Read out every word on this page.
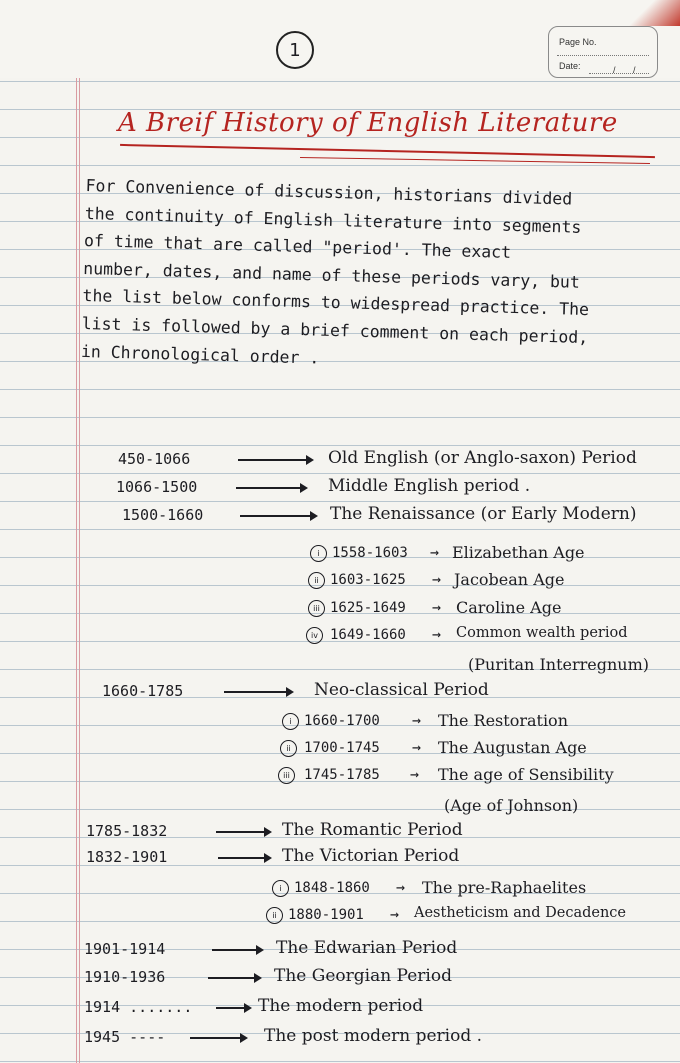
1	Page No.
Date:	/ /
A Breif History of English Literature
For Convenience of discussion, historians divided
the continuity of English literature into segments
of time that are called "period'. The exact
number, dates, and name of these periods vary, but
the list below conforms to widespread practice. The
list is followed by a brief comment on each period,
in Chronological order .
450-1066	Old English (or Anglo-saxon) Period
1066-1500	Middle English period .
1500-1660	The Renaissance (or Early Modern)
i 1558-1603 → Elizabethan Age
ii 1603-1625 → Jacobean Age
iii 1625-1649 → Caroline Age
iv 1649-1660 → Common wealth period
(Puritan Interregnum)
1660-1785	Neo-classical Period
i 1660-1700 → The Restoration
ii 1700-1745 → The Augustan Age
iii	1745-1785 → The age of Sensibility
(Age of Johnson)
1785-1832	The Romantic Period
1832-1901	The Victorian Period
i 1848-1860 → The pre-Raphaelites
ii 1880-1901 → Aestheticism and Decadence
1901-1914	The Edwarian Period
1910-1936	The Georgian Period
1914 .......	The modern period
1945 ----	The post modern period .
